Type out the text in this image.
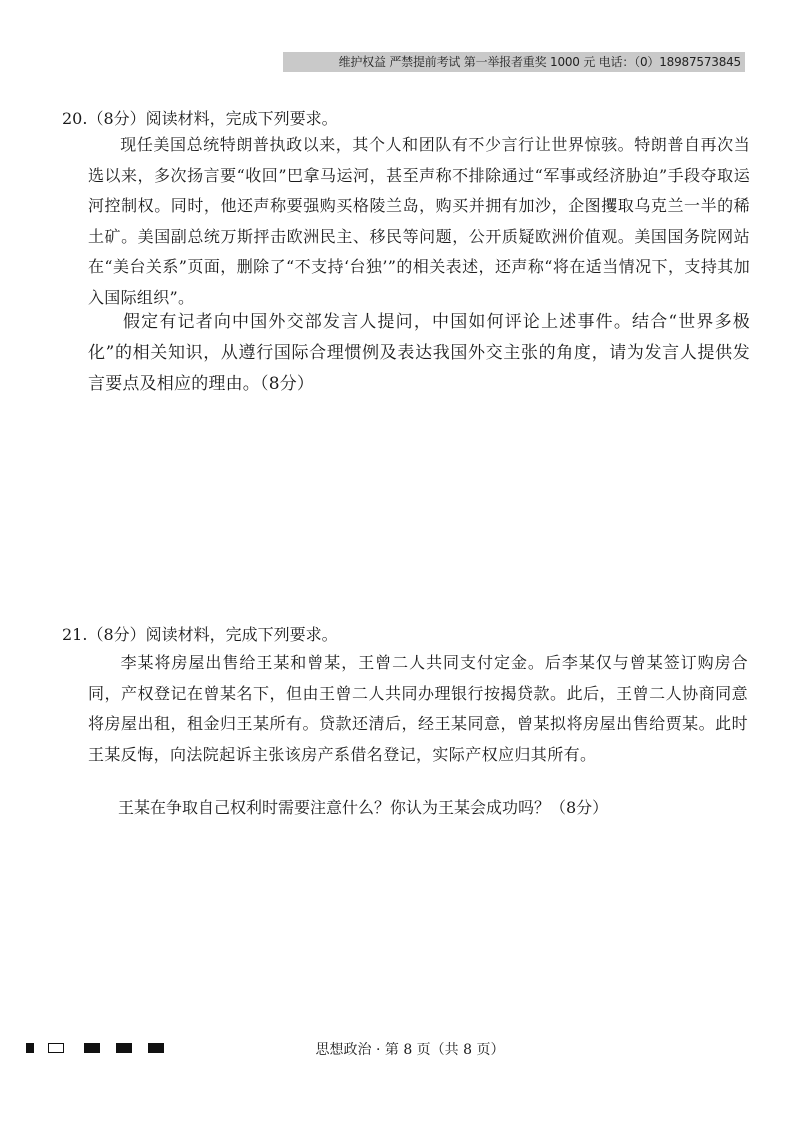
维护权益 严禁提前考试 第一举报者重奖 1000 元 电话：（0）18987573845
20.（8分）阅读材料，完成下列要求。
现任美国总统特朗普执政以来，其个人和团队有不少言行让世界惊骇。特朗普自再次当选以来，多次扬言要“收回”巴拿马运河，甚至声称不排除通过“军事或经济胁迫”手段夺取运河控制权。同时，他还声称要强购买格陵兰岛，购买并拥有加沙，企图攫取乌克兰一半的稀土矿。美国副总统万斯抨击欧洲民主、移民等问题，公开质疑欧洲价值观。美国国务院网站在“美台关系”页面，删除了“不支持‘台独’”的相关表述，还声称“将在适当情况下，支持其加入国际组织”。
假定有记者向中国外交部发言人提问，中国如何评论上述事件。结合“世界多极化”的相关知识，从遵行国际合理惯例及表达我国外交主张的角度，请为发言人提供发言要点及相应的理由。（8分）
21.（8分）阅读材料，完成下列要求。
李某将房屋出售给王某和曾某，王曾二人共同支付定金。后李某仅与曾某签订购房合同，产权登记在曾某名下，但由王曾二人共同办理银行按揭贷款。此后，王曾二人协商同意将房屋出租，租金归王某所有。贷款还清后，经王某同意，曾某拟将房屋出售给贾某。此时王某反悔，向法院起诉主张该房产系借名登记，实际产权应归其所有。
王某在争取自己权利时需要注意什么？你认为王某会成功吗？（8分）
思想政治 · 第 8 页（共 8 页）
